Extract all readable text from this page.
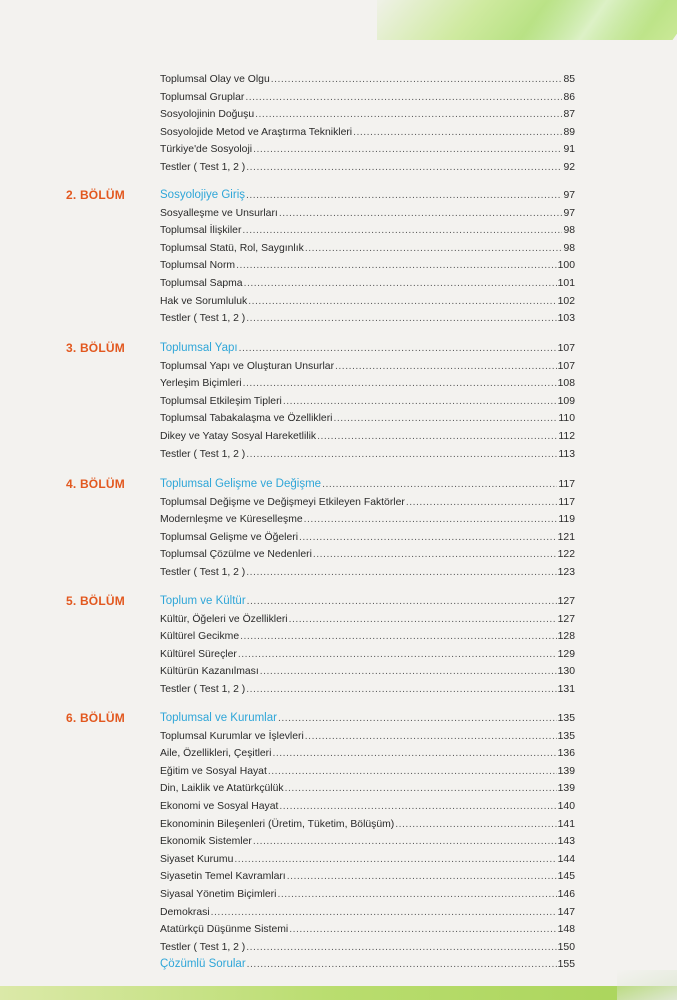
Toplumsal Olay ve Olgu .....	85
Toplumsal Gruplar .....	86
Sosyolojinin Doğuşu .....	87
Sosyolojide Metod ve Araştırma Teknikleri .....	89
Türkiye'de Sosyoloji .....	91
Testler ( Test 1, 2 ) .....	92
2. BÖLÜM	Sosyolojiye Giriş .....	97
Sosyalleşme ve Unsurları .....	97
Toplumsal İlişkiler .....	98
Toplumsal Statü, Rol, Saygınlık .....	98
Toplumsal Norm .....	100
Toplumsal Sapma .....	101
Hak ve Sorumluluk .....	102
Testler ( Test 1, 2 ) .....	103
3. BÖLÜM	Toplumsal Yapı .....	107
Toplumsal Yapı ve Oluşturan Unsurlar .....	107
Yerleşim Biçimleri .....	108
Toplumsal Etkileşim Tipleri .....	109
Toplumsal Tabakalaşma ve Özellikleri .....	110
Dikey ve Yatay Sosyal Hareketlilik .....	112
Testler ( Test 1, 2 ) .....	113
4. BÖLÜM	Toplumsal Gelişme ve Değişme .....	117
Toplumsal Değişme ve Değişmeyi Etkileyen Faktörler .....	117
Modernleşme ve Küreselleşme .....	119
Toplumsal Gelişme ve Öğeleri .....	121
Toplumsal Çözülme ve Nedenleri .....	122
Testler ( Test 1, 2 ) .....	123
5. BÖLÜM	Toplum ve Kültür .....	127
Kültür, Öğeleri ve Özellikleri .....	127
Kültürel Gecikme .....	128
Kültürel Süreçler .....	129
Kültürün Kazanılması .....	130
Testler ( Test 1, 2 ) .....	131
6. BÖLÜM	Toplumsal ve Kurumlar .....	135
Toplumsal Kurumlar ve İşlevleri .....	135
Aile, Özellikleri, Çeşitleri .....	136
Eğitim ve Sosyal Hayat .....	139
Din, Laiklik ve Atatürkçülük .....	139
Ekonomi ve Sosyal Hayat .....	140
Ekonominin Bileşenleri (Üretim, Tüketim, Bölüşüm) .....	141
Ekonomik Sistemler .....	143
Siyaset Kurumu .....	144
Siyasetin Temel Kavramları .....	145
Siyasal Yönetim Biçimleri .....	146
Demokrasi .....	147
Atatürkçü Düşünme Sistemi .....	148
Testler ( Test 1, 2 ) .....	150
Çözümlü Sorular .....	155
